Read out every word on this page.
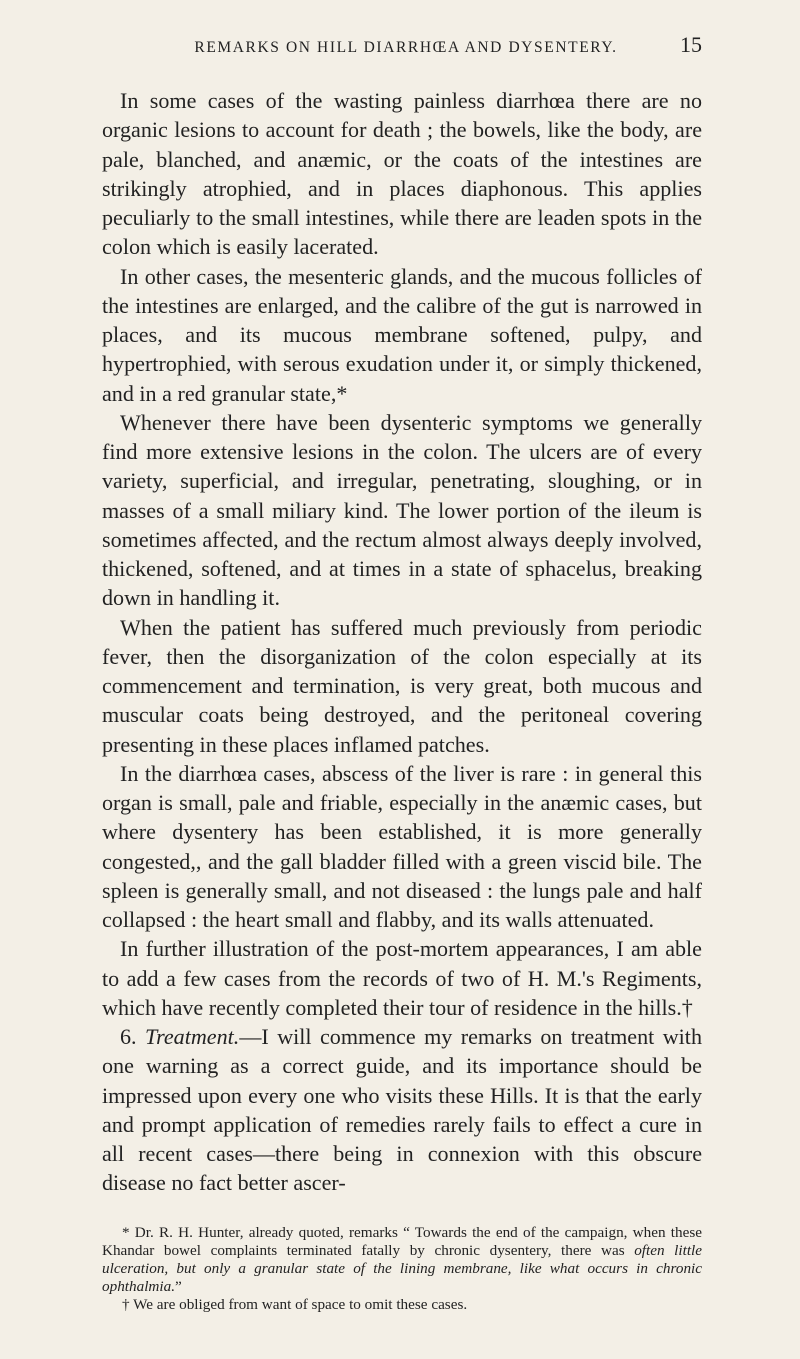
REMARKS ON HILL DIARRHŒA AND DYSENTERY.	15

In some cases of the wasting painless diarrhœa there are no organic lesions to account for death ; the bowels, like the body, are pale, blanched, and anæmic, or the coats of the intestines are strikingly atrophied, and in places diaphonous. This applies peculiarly to the small intestines, while there are leaden spots in the colon which is easily lacerated.

In other cases, the mesenteric glands, and the mucous follicles of the intestines are enlarged, and the calibre of the gut is narrowed in places, and its mucous membrane softened, pulpy, and hypertrophied, with serous exudation under it, or simply thickened, and in a red granular state,*

Whenever there have been dysenteric symptoms we generally find more extensive lesions in the colon. The ulcers are of every variety, superficial, and irregular, penetrating, sloughing, or in masses of a small miliary kind. The lower portion of the ileum is sometimes affected, and the rectum almost always deeply involved, thickened, softened, and at times in a state of sphacelus, breaking down in handling it.

When the patient has suffered much previously from periodic fever, then the disorganization of the colon especially at its commencement and termination, is very great, both mucous and muscular coats being destroyed, and the peritoneal covering presenting in these places inflamed patches.

In the diarrhœa cases, abscess of the liver is rare : in general this organ is small, pale and friable, especially in the anæmic cases, but where dysentery has been established, it is more generally congested,, and the gall bladder filled with a green viscid bile. The spleen is generally small, and not diseased : the lungs pale and half collapsed : the heart small and flabby, and its walls attenuated.

In further illustration of the post-mortem appearances, I am able to add a few cases from the records of two of H. M.'s Regiments, which have recently completed their tour of residence in the hills.†

6. Treatment.—I will commence my remarks on treatment with one warning as a correct guide, and its importance should be impressed upon every one who visits these Hills. It is that the early and prompt application of remedies rarely fails to effect a cure in all recent cases—there being in connexion with this obscure disease no fact better ascer-

* Dr. R. H. Hunter, already quoted, remarks “ Towards the end of the campaign, when these Khandar bowel complaints terminated fatally by chronic dysentery, there was often little ulceration, but only a granular state of the lining membrane, like what occurs in chronic ophthalmia.”

† We are obliged from want of space to omit these cases.
